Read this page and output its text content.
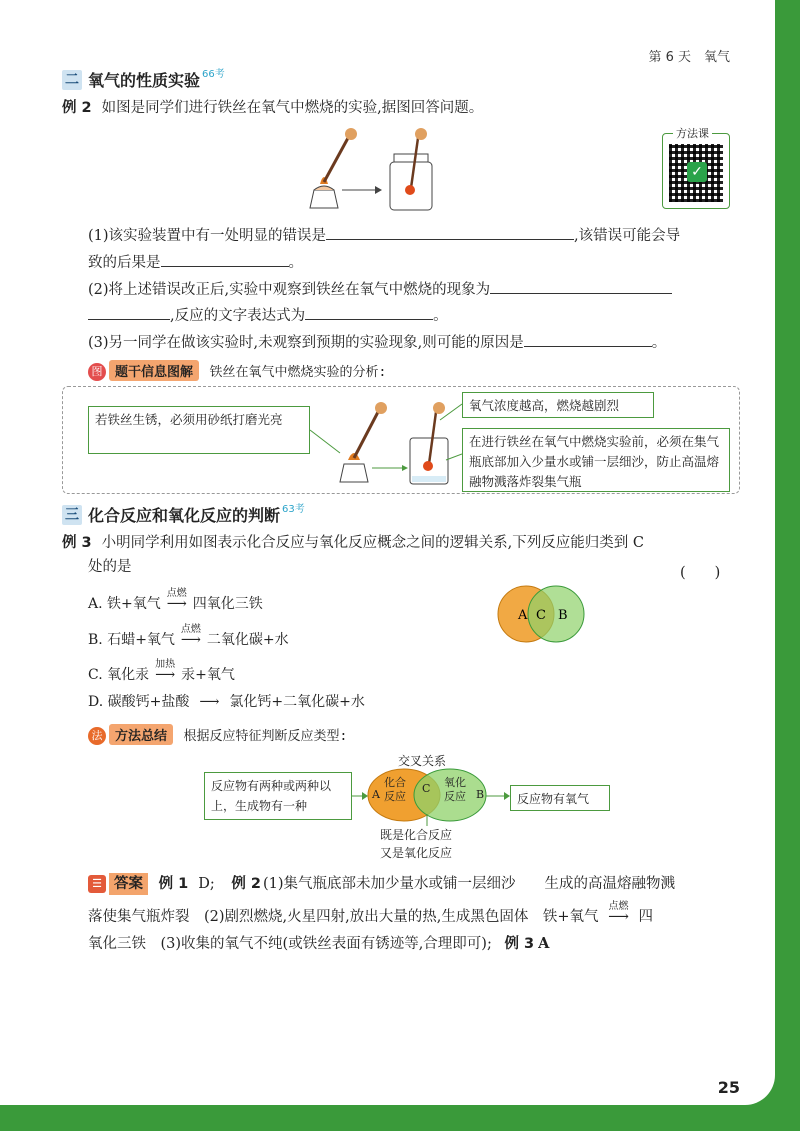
第 6 天　氧气
二 氧气的性质实验 66考
例 2 如图是同学们进行铁丝在氧气中燃烧的实验,据图回答问题。
方法课
✓
(1)该实验装置中有一处明显的错误是	,该错误可能会导
致的后果是	。
(2)将上述错误改正后,实验中观察到铁丝在氧气中燃烧的现象为
,反应的文字表达式为	。
(3)另一同学在做该实验时,未观察到预期的实验现象,则可能的原因是	。
图 题干信息图解 铁丝在氧气中燃烧实验的分析:
若铁丝生锈，必须用砂纸打磨光亮
氧气浓度越高，燃烧越剧烈
在进行铁丝在氧气中燃烧实验前，必须在集气瓶底部加入少量水或铺一层细沙，防止高温熔融物溅落炸裂集气瓶
三 化合反应和氧化反应的判断 63考
例 3 小明同学利用如图表示化合反应与氧化反应概念之间的逻辑关系,下列反应能归类到 C
处的是	(　　)
A. 铁+氧气
点燃
⟶ 四氧化三铁
B. 石蜡+氧气
点燃
⟶ 二氧化碳+水
C. 氧化汞
加热
⟶ 汞+氧气
D. 碳酸钙+盐酸 ⟶ 氯化钙+二氧化碳+水
A C B
法 方法总结 根据反应特征判断反应类型:
交叉关系
反应物有两种或两种以上，生成物有一种	反应物有氧气
A
化合反应
C 氧化反应 B
既是化合反应
又是氧化反应
☰ 答案 例 1 D; 例 2 (1)集气瓶底部未加少量水或铺一层细沙　　生成的高温熔融物溅
落使集气瓶炸裂　(2)剧烈燃烧,火星四射,放出大量的热,生成黑色固体　铁+氧气
点燃
⟶ 四
氧化三铁　(3)收集的氧气不纯(或铁丝表面有锈迹等,合理即可); 例 3 A
25
